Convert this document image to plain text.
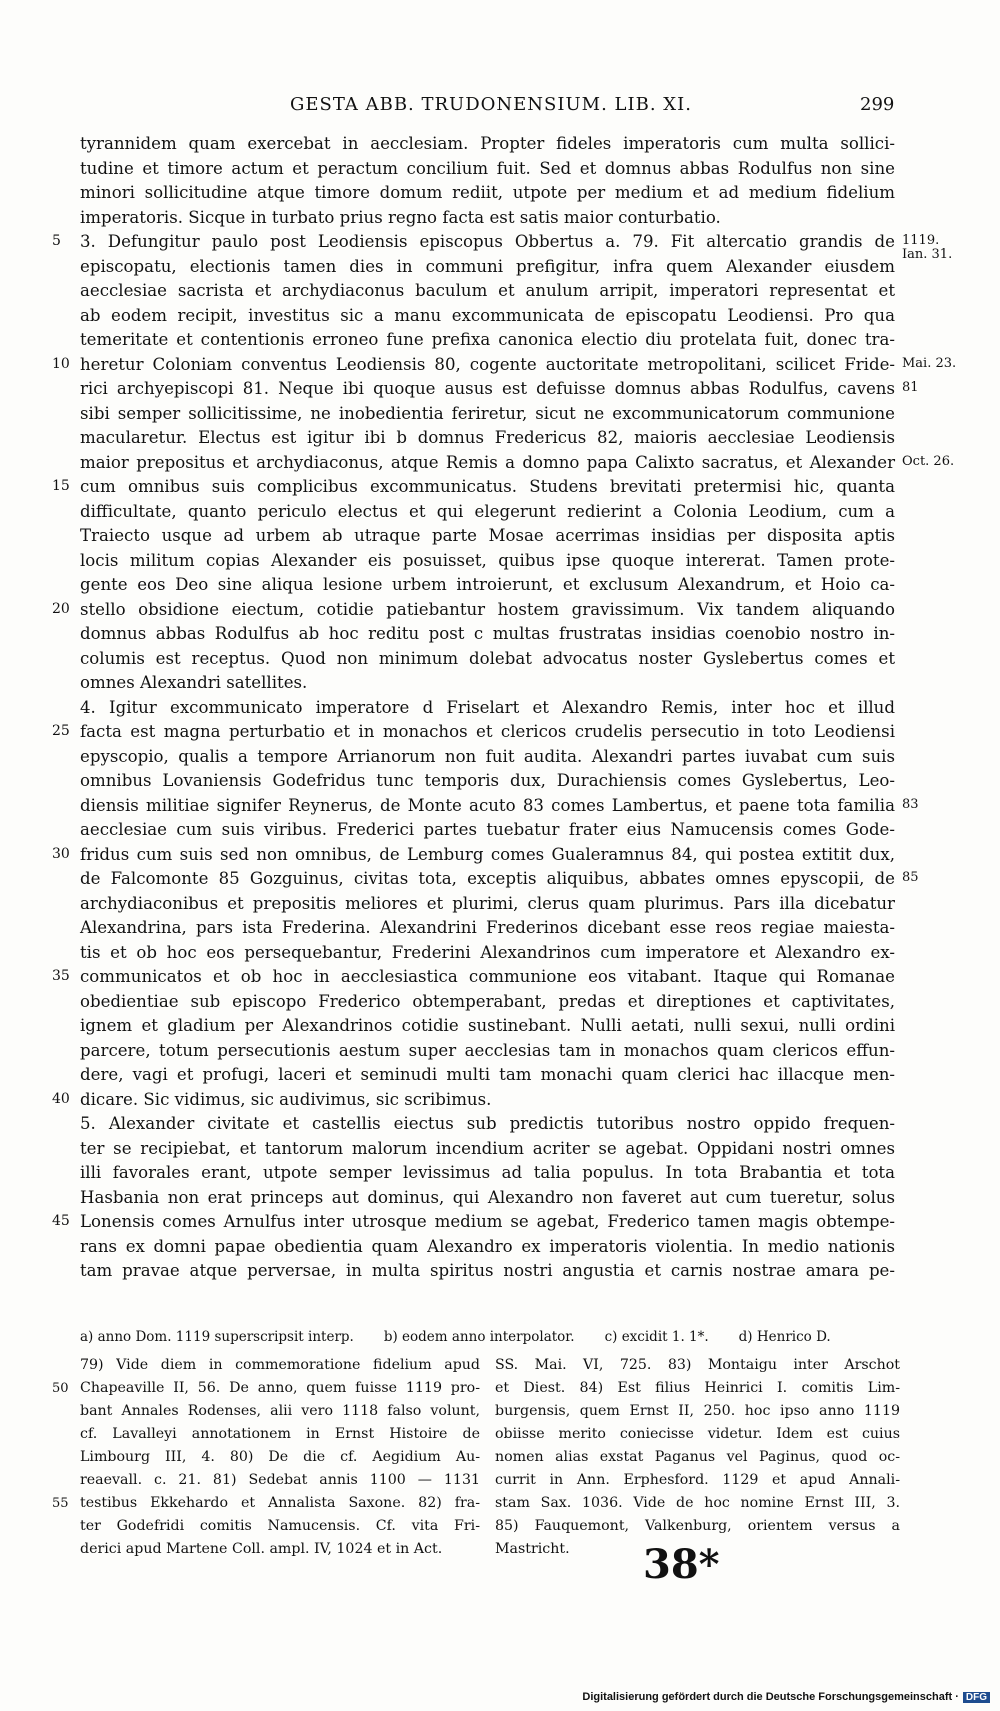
GESTA ABB. TRUDONENSIUM. LIB. XI.	299
tyrannidem quam exercebat in aecclesiam. Propter fideles imperatoris cum multa sollici-
tudine et timore actum et peractum concilium fuit. Sed et domnus abbas Rodulfus non sine
minori sollicitudine atque timore domum rediit, utpote per medium et ad medium fidelium
imperatoris. Sicque in turbato prius regno facta est satis maior conturbatio.
5 3. Defungitur paulo post Leodiensis episcopus Obbertus a. 79. Fit altercatio grandis de 1119.
Ian. 31.
episcopatu, electionis tamen dies in communi prefigitur, infra quem Alexander eiusdem
aecclesiae sacrista et archydiaconus baculum et anulum arripit, imperatori representat et
ab eodem recipit, investitus sic a manu excommunicata de episcopatu Leodiensi. Pro qua
temeritate et contentionis erroneo fune prefixa canonica electio diu protelata fuit, donec tra-
10 heretur Coloniam conventus Leodiensis 80, cogente auctoritate metropolitani, scilicet Fride- Mai. 23.
rici archyepiscopi 81. Neque ibi quoque ausus est defuisse domnus abbas Rodulfus, cavens 81
sibi semper sollicitissime, ne inobedientia feriretur, sicut ne excommunicatorum communione
macularetur. Electus est igitur ibi b domnus Fredericus 82, maioris aecclesiae Leodiensis
maior prepositus et archydiaconus, atque Remis a domno papa Calixto sacratus, et Alexander Oct. 26.
15 cum omnibus suis complicibus excommunicatus. Studens brevitati pretermisi hic, quanta
difficultate, quanto periculo electus et qui elegerunt redierint a Colonia Leodium, cum a
Traiecto usque ad urbem ab utraque parte Mosae acerrimas insidias per disposita aptis
locis militum copias Alexander eis posuisset, quibus ipse quoque intererat. Tamen prote-
gente eos Deo sine aliqua lesione urbem introierunt, et exclusum Alexandrum, et Hoio ca-
20 stello obsidione eiectum, cotidie patiebantur hostem gravissimum. Vix tandem aliquando
domnus abbas Rodulfus ab hoc reditu post c multas frustratas insidias coenobio nostro in-
columis est receptus. Quod non minimum dolebat advocatus noster Gyslebertus comes et
omnes Alexandri satellites.
4. Igitur excommunicato imperatore d Friselart et Alexandro Remis, inter hoc et illud
25 facta est magna perturbatio et in monachos et clericos crudelis persecutio in toto Leodiensi
epyscopio, qualis a tempore Arrianorum non fuit audita. Alexandri partes iuvabat cum suis
omnibus Lovaniensis Godefridus tunc temporis dux, Durachiensis comes Gyslebertus, Leo-
diensis militiae signifer Reynerus, de Monte acuto 83 comes Lambertus, et paene tota familia 83
aecclesiae cum suis viribus. Frederici partes tuebatur frater eius Namucensis comes Gode-
30 fridus cum suis sed non omnibus, de Lemburg comes Gualeramnus 84, qui postea extitit dux,
de Falcomonte 85 Gozguinus, civitas tota, exceptis aliquibus, abbates omnes epyscopii, de 85
archydiaconibus et prepositis meliores et plurimi, clerus quam plurimus. Pars illa dicebatur
Alexandrina, pars ista Frederina. Alexandrini Frederinos dicebant esse reos regiae maiesta-
tis et ob hoc eos persequebantur, Frederini Alexandrinos cum imperatore et Alexandro ex-
35 communicatos et ob hoc in aecclesiastica communione eos vitabant. Itaque qui Romanae
obedientiae sub episcopo Frederico obtemperabant, predas et direptiones et captivitates,
ignem et gladium per Alexandrinos cotidie sustinebant. Nulli aetati, nulli sexui, nulli ordini
parcere, totum persecutionis aestum super aecclesias tam in monachos quam clericos effun-
dere, vagi et profugi, laceri et seminudi multi tam monachi quam clerici hac illacque men-
40 dicare. Sic vidimus, sic audivimus, sic scribimus.
5. Alexander civitate et castellis eiectus sub predictis tutoribus nostro oppido frequen-
ter se recipiebat, et tantorum malorum incendium acriter se agebat. Oppidani nostri omnes
illi favorales erant, utpote semper levissimus ad talia populus. In tota Brabantia et tota
Hasbania non erat princeps aut dominus, qui Alexandro non faveret aut cum tueretur, solus
45 Lonensis comes Arnulfus inter utrosque medium se agebat, Frederico tamen magis obtempe-
rans ex domni papae obedientia quam Alexandro ex imperatoris violentia. In medio nationis
tam pravae atque perversae, in multa spiritus nostri angustia et carnis nostrae amara pe-
a) anno Dom. 1119 superscripsit interp. b) eodem anno interpolator. c) excidit 1. 1*. d) Henrico D.
79) Vide diem in commemoratione fidelium apud SS. Mai. VI, 725. 83) Montaigu inter Arschot
50 Chapeaville II, 56. De anno, quem fuisse 1119 pro- et Diest. 84) Est filius Heinrici I. comitis Lim-
bant Annales Rodenses, alii vero 1118 falso volunt, burgensis, quem Ernst II, 250. hoc ipso anno 1119
cf. Lavalleyi annotationem in Ernst Histoire de obiisse merito coniecisse videtur. Idem est cuius
Limbourg III, 4. 80) De die cf. Aegidium Au- nomen alias exstat Paganus vel Paginus, quod oc-
reaevall. c. 21. 81) Sedebat annis 1100 — 1131 currit in Ann. Erphesford. 1129 et apud Annali-
55 testibus Ekkehardo et Annalista Saxone. 82) fra- stam Sax. 1036. Vide de hoc nomine Ernst III, 3.
ter Godefridi comitis Namucensis. Cf. vita Fri- 85) Fauquemont, Valkenburg, orientem versus a
derici apud Martene Coll. ampl. IV, 1024 et in Act.	Mastricht.	38*
Digitalisierung gefördert durch die Deutsche Forschungsgemeinschaft · DFG
